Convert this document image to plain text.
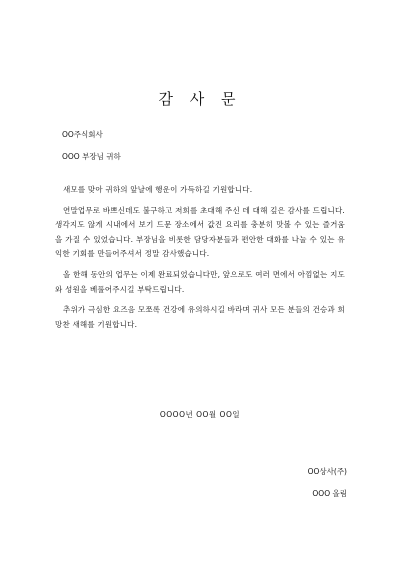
감 사 문
OO주식회사
OOO 부장님 귀하

새모를 맞아 귀하의 앞날에 행운이 가득하길 기원합니다.

연말업무로 바쁘신데도 불구하고 저희를 초대해 주신 데 대해 깊은 감사를 드립니다. 생각지도 않게 시내에서 보기 드문 장소에서 값진 요리를 충분히 맛볼 수 있는 즐거움을 가질 수 있었습니다. 부장님을 비롯한 담당자분들과 편안한 대화를 나눌 수 있는 유익한 기회를 만들어주셔서 정말 감사했습니다.

올 한해 동안의 업무는 이제 완료되었습니다만, 앞으로도 여러 면에서 아낌없는 지도와 성원을 베풀어주시길 부탁드립니다.

추위가 극심한 요즈음 모쪼록 건강에 유의하시길 바라며 귀사 모든 분들의 건승과 희망찬 새해를 기원합니다.

OOOO년 OO월 OO일
OO상사(주)
OOO 올림
